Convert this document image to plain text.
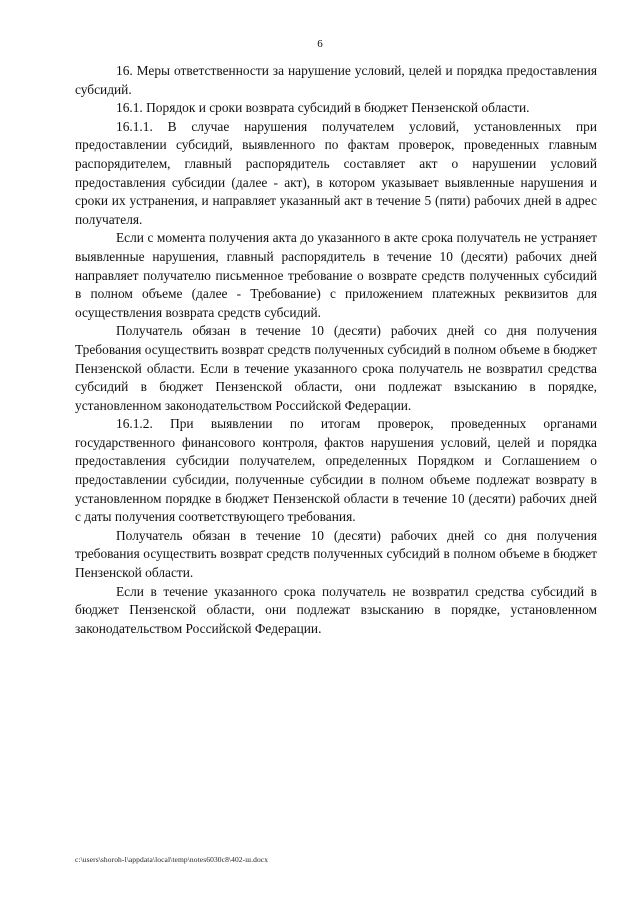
6

16. Меры ответственности за нарушение условий, целей и порядка предоставления субсидий.

16.1. Порядок и сроки возврата субсидий в бюджет Пензенской области.

16.1.1. В случае нарушения получателем условий, установленных при предоставлении субсидий, выявленного по фактам проверок, проведенных главным распорядителем, главный распорядитель составляет акт о нарушении условий предоставления субсидии (далее - акт), в котором указывает выявленные нарушения и сроки их устранения, и направляет указанный акт в течение 5 (пяти) рабочих дней в адрес получателя.

Если с момента получения акта до указанного в акте срока получатель не устраняет выявленные нарушения, главный распорядитель в течение 10 (десяти) рабочих дней направляет получателю письменное требование о возврате средств полученных субсидий в полном объеме (далее - Требование) с приложением платежных реквизитов для осуществления возврата средств субсидий.

Получатель обязан в течение 10 (десяти) рабочих дней со дня получения Требования осуществить возврат средств полученных субсидий в полном объеме в бюджет Пензенской области. Если в течение указанного срока получатель не возвратил средства субсидий в бюджет Пензенской области, они подлежат взысканию в порядке, установленном законодательством Российской Федерации.

16.1.2. При выявлении по итогам проверок, проведенных органами государственного финансового контроля, фактов нарушения условий, целей и порядка предоставления субсидии получателем, определенных Порядком и Соглашением о предоставлении субсидии, полученные субсидии в полном объеме подлежат возврату в установленном порядке в бюджет Пензенской области в течение 10 (десяти) рабочих дней с даты получения соответствующего требования.

Получатель обязан в течение 10 (десяти) рабочих дней со дня получения требования осуществить возврат средств полученных субсидий в полном объеме в бюджет Пензенской области.

Если в течение указанного срока получатель не возвратил средства субсидий в бюджет Пензенской области, они подлежат взысканию в порядке, установленном законодательством Российской Федерации.

c:\users\shoroh-l\appdata\local\temp\notes6030c8\402-ш.docx
